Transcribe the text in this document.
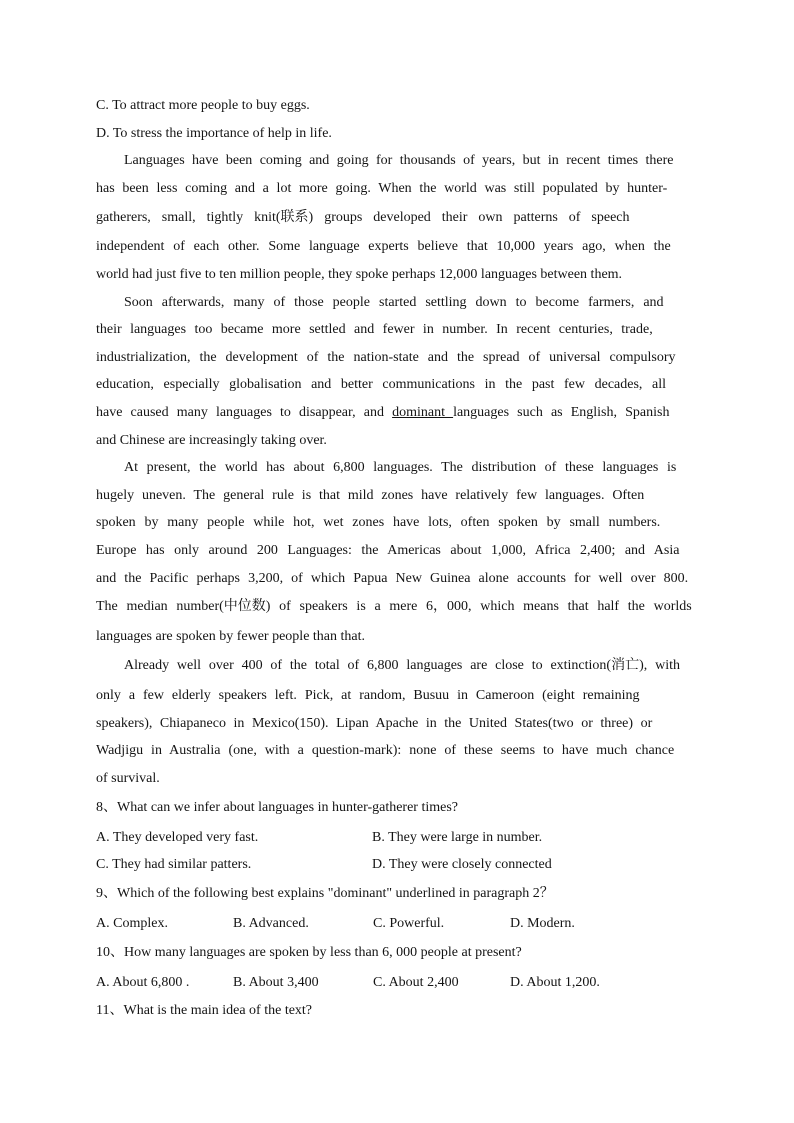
C. To attract more people to buy eggs.
D. To stress the importance of help in life.
Languages have been coming and going for thousands of years, but in recent times there
has been less coming and a lot more going. When the world was still populated by hunter-
gatherers, small, tightly knit(联系) groups developed their own patterns of speech
independent of each other. Some language experts believe that 10,000 years ago, when the
world had just five to ten million people, they spoke perhaps 12,000 languages between them.
Soon afterwards, many of those people started settling down to become farmers, and
their languages too became more settled and fewer in number. In recent centuries, trade,
industrialization, the development of the nation-state and the spread of universal compulsory
education, especially globalisation and better communications in the past few decades, all
have caused many languages to disappear, and dominant languages such as English, Spanish
and Chinese are increasingly taking over.
At present, the world has about 6,800 languages. The distribution of these languages is
hugely uneven. The general rule is that mild zones have relatively few languages. Often
spoken by many people while hot, wet zones have lots, often spoken by small numbers.
Europe has only around 200 Languages: the Americas about 1,000, Africa 2,400; and Asia
and the Pacific perhaps 3,200, of which Papua New Guinea alone accounts for well over 800.
The median number(中位数) of speakers is a mere 6，000, which means that half the worlds
languages are spoken by fewer people than that.
Already well over 400 of the total of 6,800 languages are close to extinction(消亡), with
only a few elderly speakers left. Pick, at random, Busuu in Cameroon (eight remaining
speakers), Chiapaneco in Mexico(150). Lipan Apache in the United States(two or three) or
Wadjigu in Australia (one, with a question-mark): none of these seems to have much chance
of survival.
8、What can we infer about languages in hunter-gatherer times?
A. They developed very fast.	B. They were large in number.
C. They had similar patters.	D. They were closely connected
9、Which of the following best explains "dominant" underlined in paragraph 2？
A. Complex.	B. Advanced.	C. Powerful.	D. Modern.
10、How many languages are spoken by less than 6, 000 people at present?
A. About 6,800 .	B. About 3,400	C. About 2,400	D. About 1,200.
11、What is the main idea of the text?
